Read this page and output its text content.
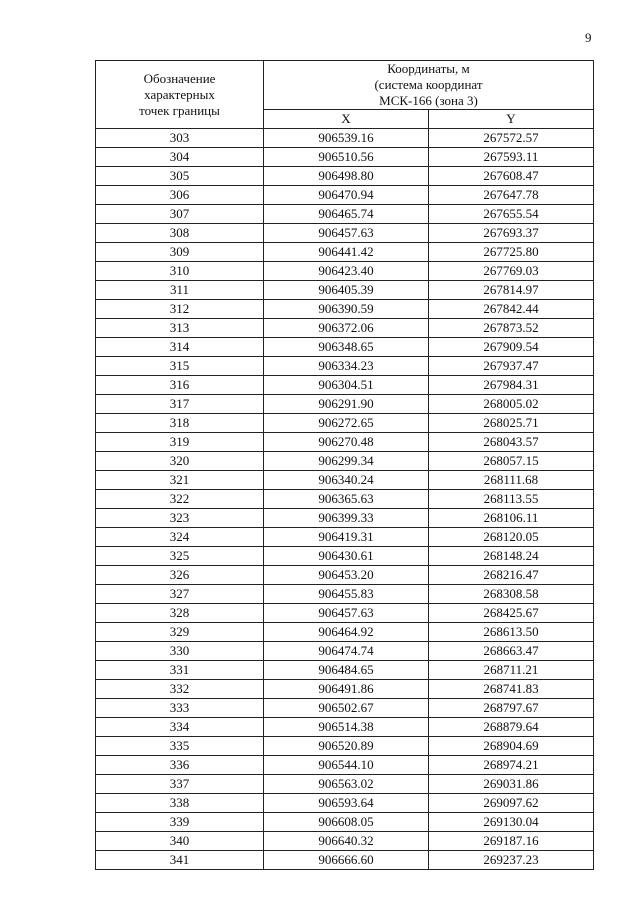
9
Обозначение
характерных
точек границы	Координаты, м
(система координат
МСК-166 (зона 3)	

	X	Y
303	906539.16	267572.57
304	906510.56	267593.11
305	906498.80	267608.47
306	906470.94	267647.78
307	906465.74	267655.54
308	906457.63	267693.37
309	906441.42	267725.80
310	906423.40	267769.03
311	906405.39	267814.97
312	906390.59	267842.44
313	906372.06	267873.52
314	906348.65	267909.54
315	906334.23	267937.47
316	906304.51	267984.31
317	906291.90	268005.02
318	906272.65	268025.71
319	906270.48	268043.57
320	906299.34	268057.15
321	906340.24	268111.68
322	906365.63	268113.55
323	906399.33	268106.11
324	906419.31	268120.05
325	906430.61	268148.24
326	906453.20	268216.47
327	906455.83	268308.58
328	906457.63	268425.67
329	906464.92	268613.50
330	906474.74	268663.47
331	906484.65	268711.21
332	906491.86	268741.83
333	906502.67	268797.67
334	906514.38	268879.64
335	906520.89	268904.69
336	906544.10	268974.21
337	906563.02	269031.86
338	906593.64	269097.62
339	906608.05	269130.04
340	906640.32	269187.16
341	906666.60	269237.23
